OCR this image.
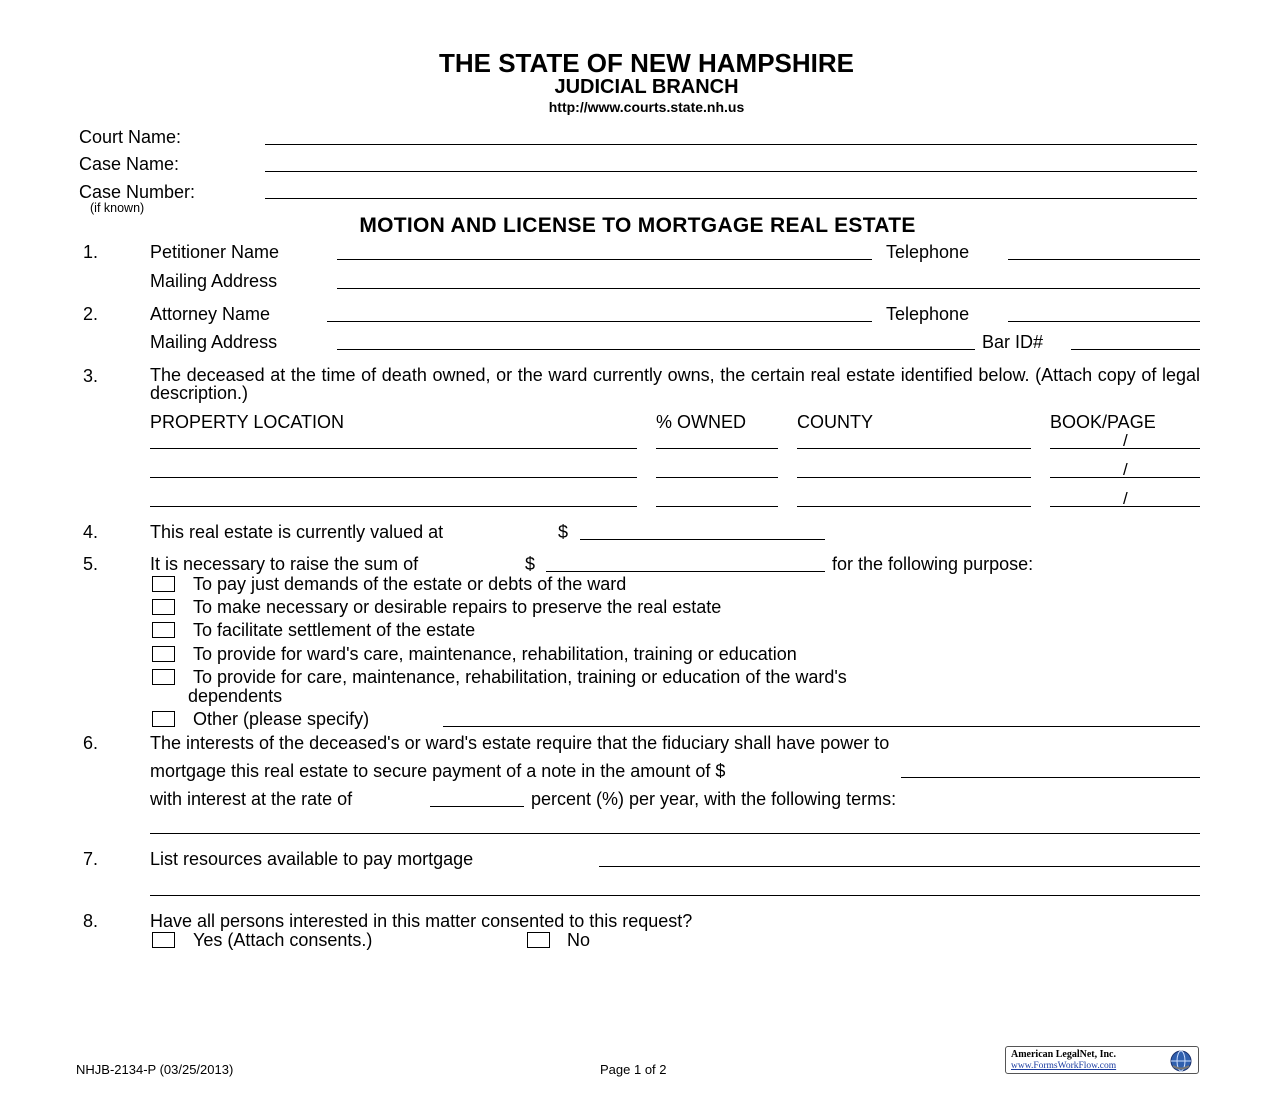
THE STATE OF NEW HAMPSHIRE
JUDICIAL BRANCH
http://www.courts.state.nh.us
Court Name:
Case Name:
Case Number:
(if known)
MOTION AND LICENSE TO MORTGAGE REAL ESTATE
1.	Petitioner Name	Telephone
Mailing Address
2.	Attorney Name	Telephone
Mailing Address	Bar ID#
3.	The deceased at the time of death owned, or the ward currently owns, the certain real estate identified below. (Attach copy of legal description.)
PROPERTY LOCATION	% OWNED	COUNTY	BOOK/PAGE
/
/
/
4.	This real estate is currently valued at	$
5.	It is necessary to raise the sum of	$	for the following purpose:
To pay just demands of the estate or debts of the ward
To make necessary or desirable repairs to preserve the real estate
To facilitate settlement of the estate
To provide for ward's care, maintenance, rehabilitation, training or education
To provide for care, maintenance, rehabilitation, training or education of the ward's
dependents
Other (please specify)
6.	The interests of the deceased's or ward's estate require that the fiduciary shall have power to
mortgage this real estate to secure payment of a note in the amount of $
with interest at the rate of	percent (%) per year, with the following terms:
7.	List resources available to pay mortgage
8.	Have all persons interested in this matter consented to this request?
Yes (Attach consents.)	No
NHJB-2134-P (03/25/2013)	Page 1 of 2
American LegalNet, Inc.
www.FormsWorkFlow.com
